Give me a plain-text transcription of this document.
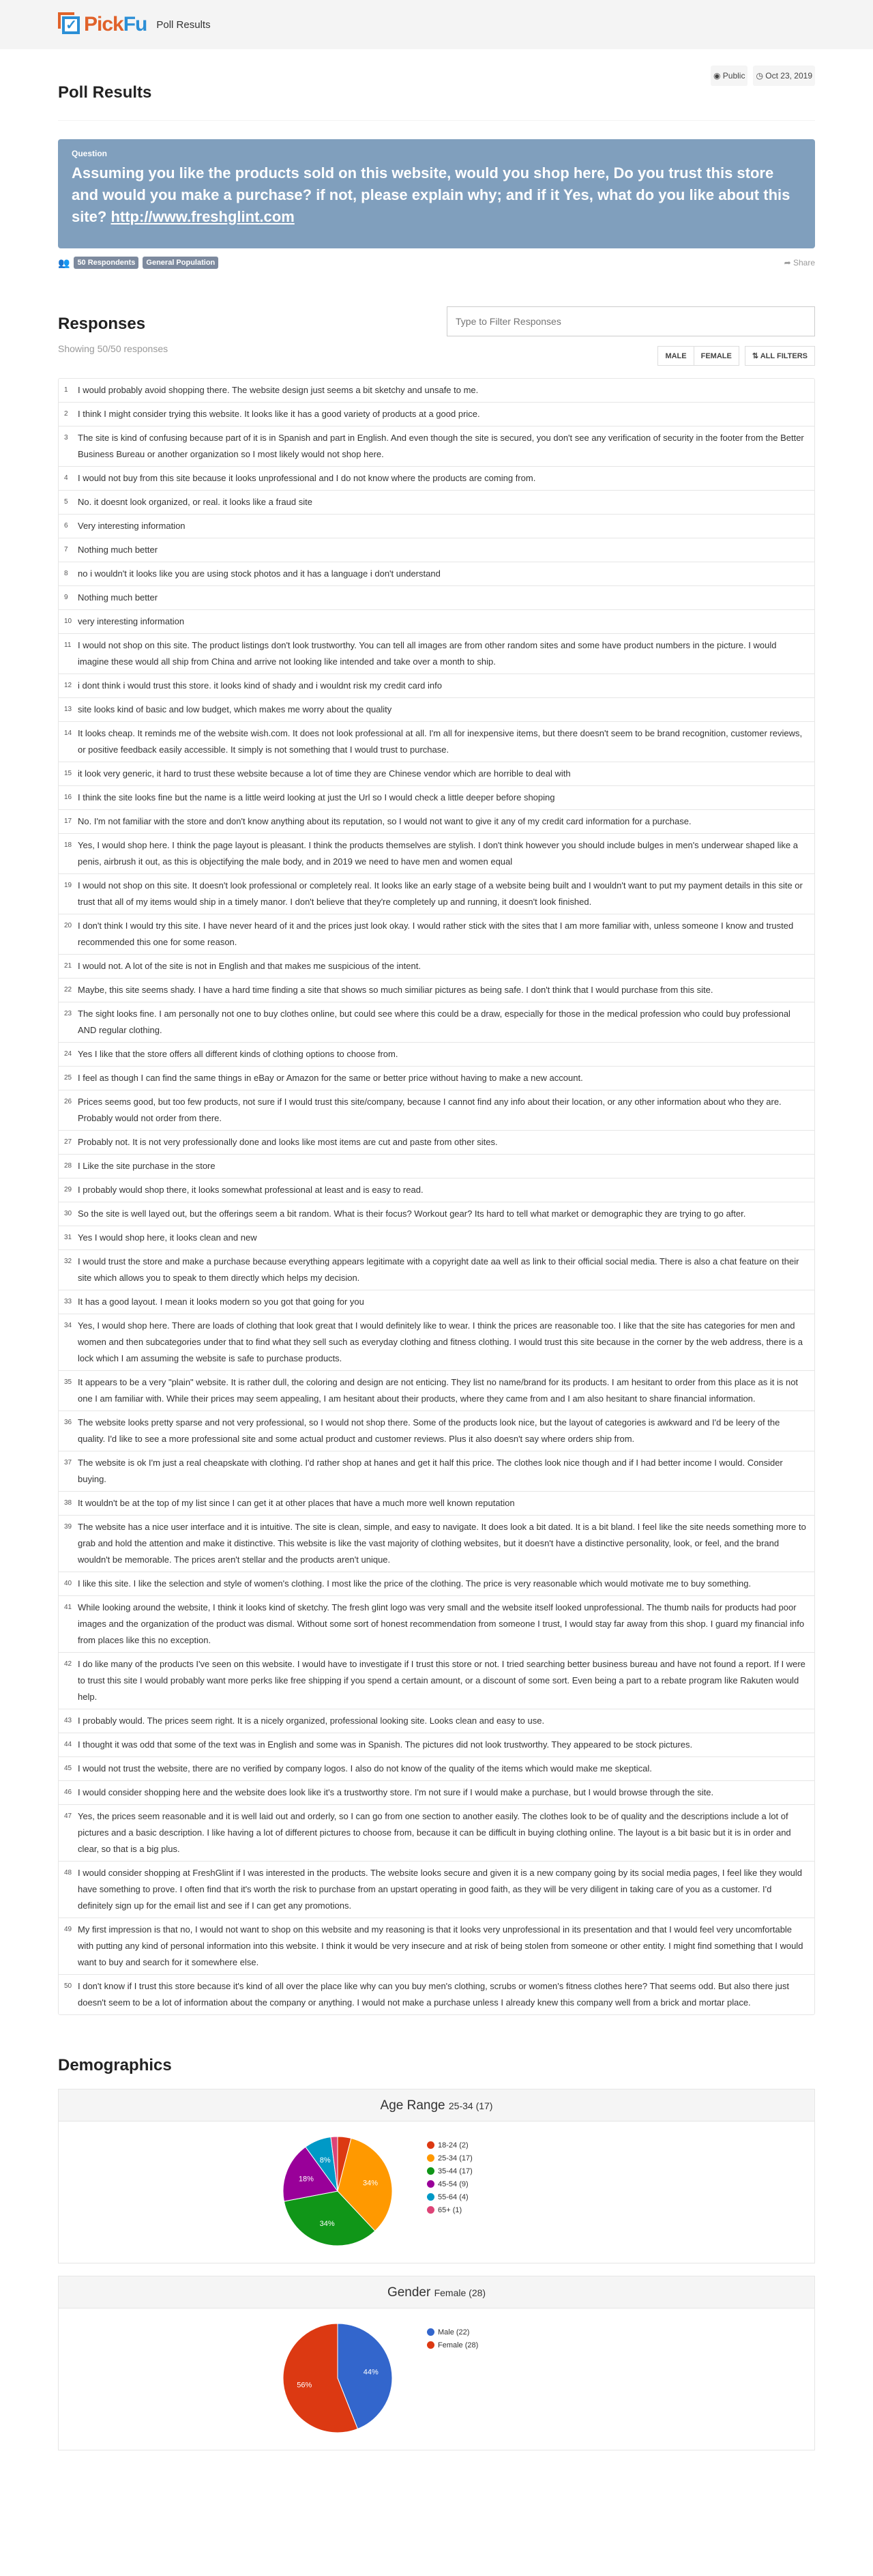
✓ Pick Fu Poll Results
Poll Results
◉ Public	◷ Oct 23, 2019
Question
Assuming you like the products sold on this website, would you shop here, Do you trust this store and would you make a purchase? if not, please explain why; and if it Yes, what do you like about this site? http://www.freshglint.com
👥	50 Respondents	General Population	➦ Share
Responses
Showing 50/50 responses
Type to Filter Responses
MALE	FEMALE	⇅ ALL FILTERS
1	I would probably avoid shopping there. The website design just seems a bit sketchy and unsafe to me.
2	I think I might consider trying this website. It looks like it has a good variety of products at a good price.
3	The site is kind of confusing because part of it is in Spanish and part in English. And even though the site is secured, you don't see any verification of security in the footer from the Better Business Bureau or another organization so I most likely would not shop here.
4	I would not buy from this site because it looks unprofessional and I do not know where the products are coming from.
5	No. it doesnt look organized, or real. it looks like a fraud site
6	Very interesting information
7	Nothing much better
8	no i wouldn't it looks like you are using stock photos and it has a language i don't understand
9	Nothing much better
10 very interesting information
11 I would not shop on this site. The product listings don't look trustworthy. You can tell all images are from other random sites and some have product numbers in the picture. I would imagine these would all ship from China and arrive not looking like intended and take over a month to ship.
12 i dont think i would trust this store. it looks kind of shady and i wouldnt risk my credit card info
13 site looks kind of basic and low budget, which makes me worry about the quality
14 It looks cheap. It reminds me of the website wish.com. It does not look professional at all. I'm all for inexpensive items, but there doesn't seem to be brand recognition, customer reviews, or positive feedback easily accessible. It simply is not something that I would trust to purchase.
15 it look very generic, it hard to trust these website because a lot of time they are Chinese vendor which are horrible to deal with
16 I think the site looks fine but the name is a little weird looking at just the Url so I would check a little deeper before shoping
17 No. I'm not familiar with the store and don't know anything about its reputation, so I would not want to give it any of my credit card information for a purchase.
18 Yes, I would shop here. I think the page layout is pleasant. I think the products themselves are stylish. I don't think however you should include bulges in men's underwear shaped like a penis, airbrush it out, as this is objectifying the male body, and in 2019 we need to have men and women equal
19 I would not shop on this site. It doesn't look professional or completely real. It looks like an early stage of a website being built and I wouldn't want to put my payment details in this site or trust that all of my items would ship in a timely manor. I don't believe that they're completely up and running, it doesn't look finished.
20 I don't think I would try this site. I have never heard of it and the prices just look okay. I would rather stick with the sites that I am more familiar with, unless someone I know and trusted recommended this one for some reason.
21 I would not. A lot of the site is not in English and that makes me suspicious of the intent.
22 Maybe, this site seems shady. I have a hard time finding a site that shows so much similiar pictures as being safe. I don't think that I would purchase from this site.
23 The sight looks fine. I am personally not one to buy clothes online, but could see where this could be a draw, especially for those in the medical profession who could buy professional AND regular clothing.
24 Yes I like that the store offers all different kinds of clothing options to choose from.
25 I feel as though I can find the same things in eBay or Amazon for the same or better price without having to make a new account.
26 Prices seems good, but too few products, not sure if I would trust this site/company, because I cannot find any info about their location, or any other information about who they are. Probably would not order from there.
27 Probably not. It is not very professionally done and looks like most items are cut and paste from other sites.
28 I Like the site purchase in the store
29 I probably would shop there, it looks somewhat professional at least and is easy to read.
30 So the site is well layed out, but the offerings seem a bit random. What is their focus? Workout gear? Its hard to tell what market or demographic they are trying to go after.
31 Yes I would shop here, it looks clean and new
32 I would trust the store and make a purchase because everything appears legitimate with a copyright date aa well as link to their official social media. There is also a chat feature on their site which allows you to speak to them directly which helps my decision.
33 It has a good layout. I mean it looks modern so you got that going for you
34 Yes, I would shop here. There are loads of clothing that look great that I would definitely like to wear. I think the prices are reasonable too. I like that the site has categories for men and women and then subcategories under that to find what they sell such as everyday clothing and fitness clothing. I would trust this site because in the corner by the web address, there is a lock which I am assuming the website is safe to purchase products.
35 It appears to be a very "plain" website. It is rather dull, the coloring and design are not enticing. They list no name/brand for its products. I am hesitant to order from this place as it is not one I am familiar with. While their prices may seem appealing, I am hesitant about their products, where they came from and I am also hesitant to share financial information.
36 The website looks pretty sparse and not very professional, so I would not shop there. Some of the products look nice, but the layout of categories is awkward and I'd be leery of the quality. I'd like to see a more professional site and some actual product and customer reviews. Plus it also doesn't say where orders ship from.
37 The website is ok I'm just a real cheapskate with clothing. I'd rather shop at hanes and get it half this price. The clothes look nice though and if I had better income I would. Consider buying.
38 It wouldn't be at the top of my list since I can get it at other places that have a much more well known reputation
39 The website has a nice user interface and it is intuitive. The site is clean, simple, and easy to navigate. It does look a bit dated. It is a bit bland. I feel like the site needs something more to grab and hold the attention and make it distinctive. This website is like the vast majority of clothing websites, but it doesn't have a distinctive personality, look, or feel, and the brand wouldn't be memorable. The prices aren't stellar and the products aren't unique.
40 I like this site. I like the selection and style of women's clothing. I most like the price of the clothing. The price is very reasonable which would motivate me to buy something.
41 While looking around the website, I think it looks kind of sketchy. The fresh glint logo was very small and the website itself looked unprofessional. The thumb nails for products had poor images and the organization of the product was dismal. Without some sort of honest recommendation from someone I trust, I would stay far away from this shop. I guard my financial info from places like this no exception.
42 I do like many of the products I've seen on this website. I would have to investigate if I trust this store or not. I tried searching better business bureau and have not found a report. If I were to trust this site I would probably want more perks like free shipping if you spend a certain amount, or a discount of some sort. Even being a part to a rebate program like Rakuten would help.
43 I probably would. The prices seem right. It is a nicely organized, professional looking site. Looks clean and easy to use.
44 I thought it was odd that some of the text was in English and some was in Spanish. The pictures did not look trustworthy. They appeared to be stock pictures.
45 I would not trust the website, there are no verified by company logos. I also do not know of the quality of the items which would make me skeptical.
46 I would consider shopping here and the website does look like it's a trustworthy store. I'm not sure if I would make a purchase, but I would browse through the site.
47 Yes, the prices seem reasonable and it is well laid out and orderly, so I can go from one section to another easily. The clothes look to be of quality and the descriptions include a lot of pictures and a basic description. I like having a lot of different pictures to choose from, because it can be difficult in buying clothing online. The layout is a bit basic but it is in order and clear, so that is a big plus.
48 I would consider shopping at FreshGlint if I was interested in the products. The website looks secure and given it is a new company going by its social media pages, I feel like they would have something to prove. I often find that it's worth the risk to purchase from an upstart operating in good faith, as they will be very diligent in taking care of you as a customer. I'd definitely sign up for the email list and see if I can get any promotions.
49 My first impression is that no, I would not want to shop on this website and my reasoning is that it looks very unprofessional in its presentation and that I would feel very uncomfortable with putting any kind of personal information into this website. I think it would be very insecure and at risk of being stolen from someone or other entity. I might find something that I would want to buy and search for it somewhere else.
50 I don't know if I trust this store because it's kind of all over the place like why can you buy men's clothing, scrubs or women's fitness clothes here? That seems odd. But also there just doesn't seem to be a lot of information about the company or anything. I would not make a purchase unless I already knew this company well from a brick and mortar place.
Demographics
Age Range 25-34 (17)
34%
34%
18%
8%
18-24 (2)
25-34 (17)
35-44 (17)
45-54 (9)
55-64 (4)
65+ (1)
Gender Female (28)
44%
56%
Male (22)
Female (28)
